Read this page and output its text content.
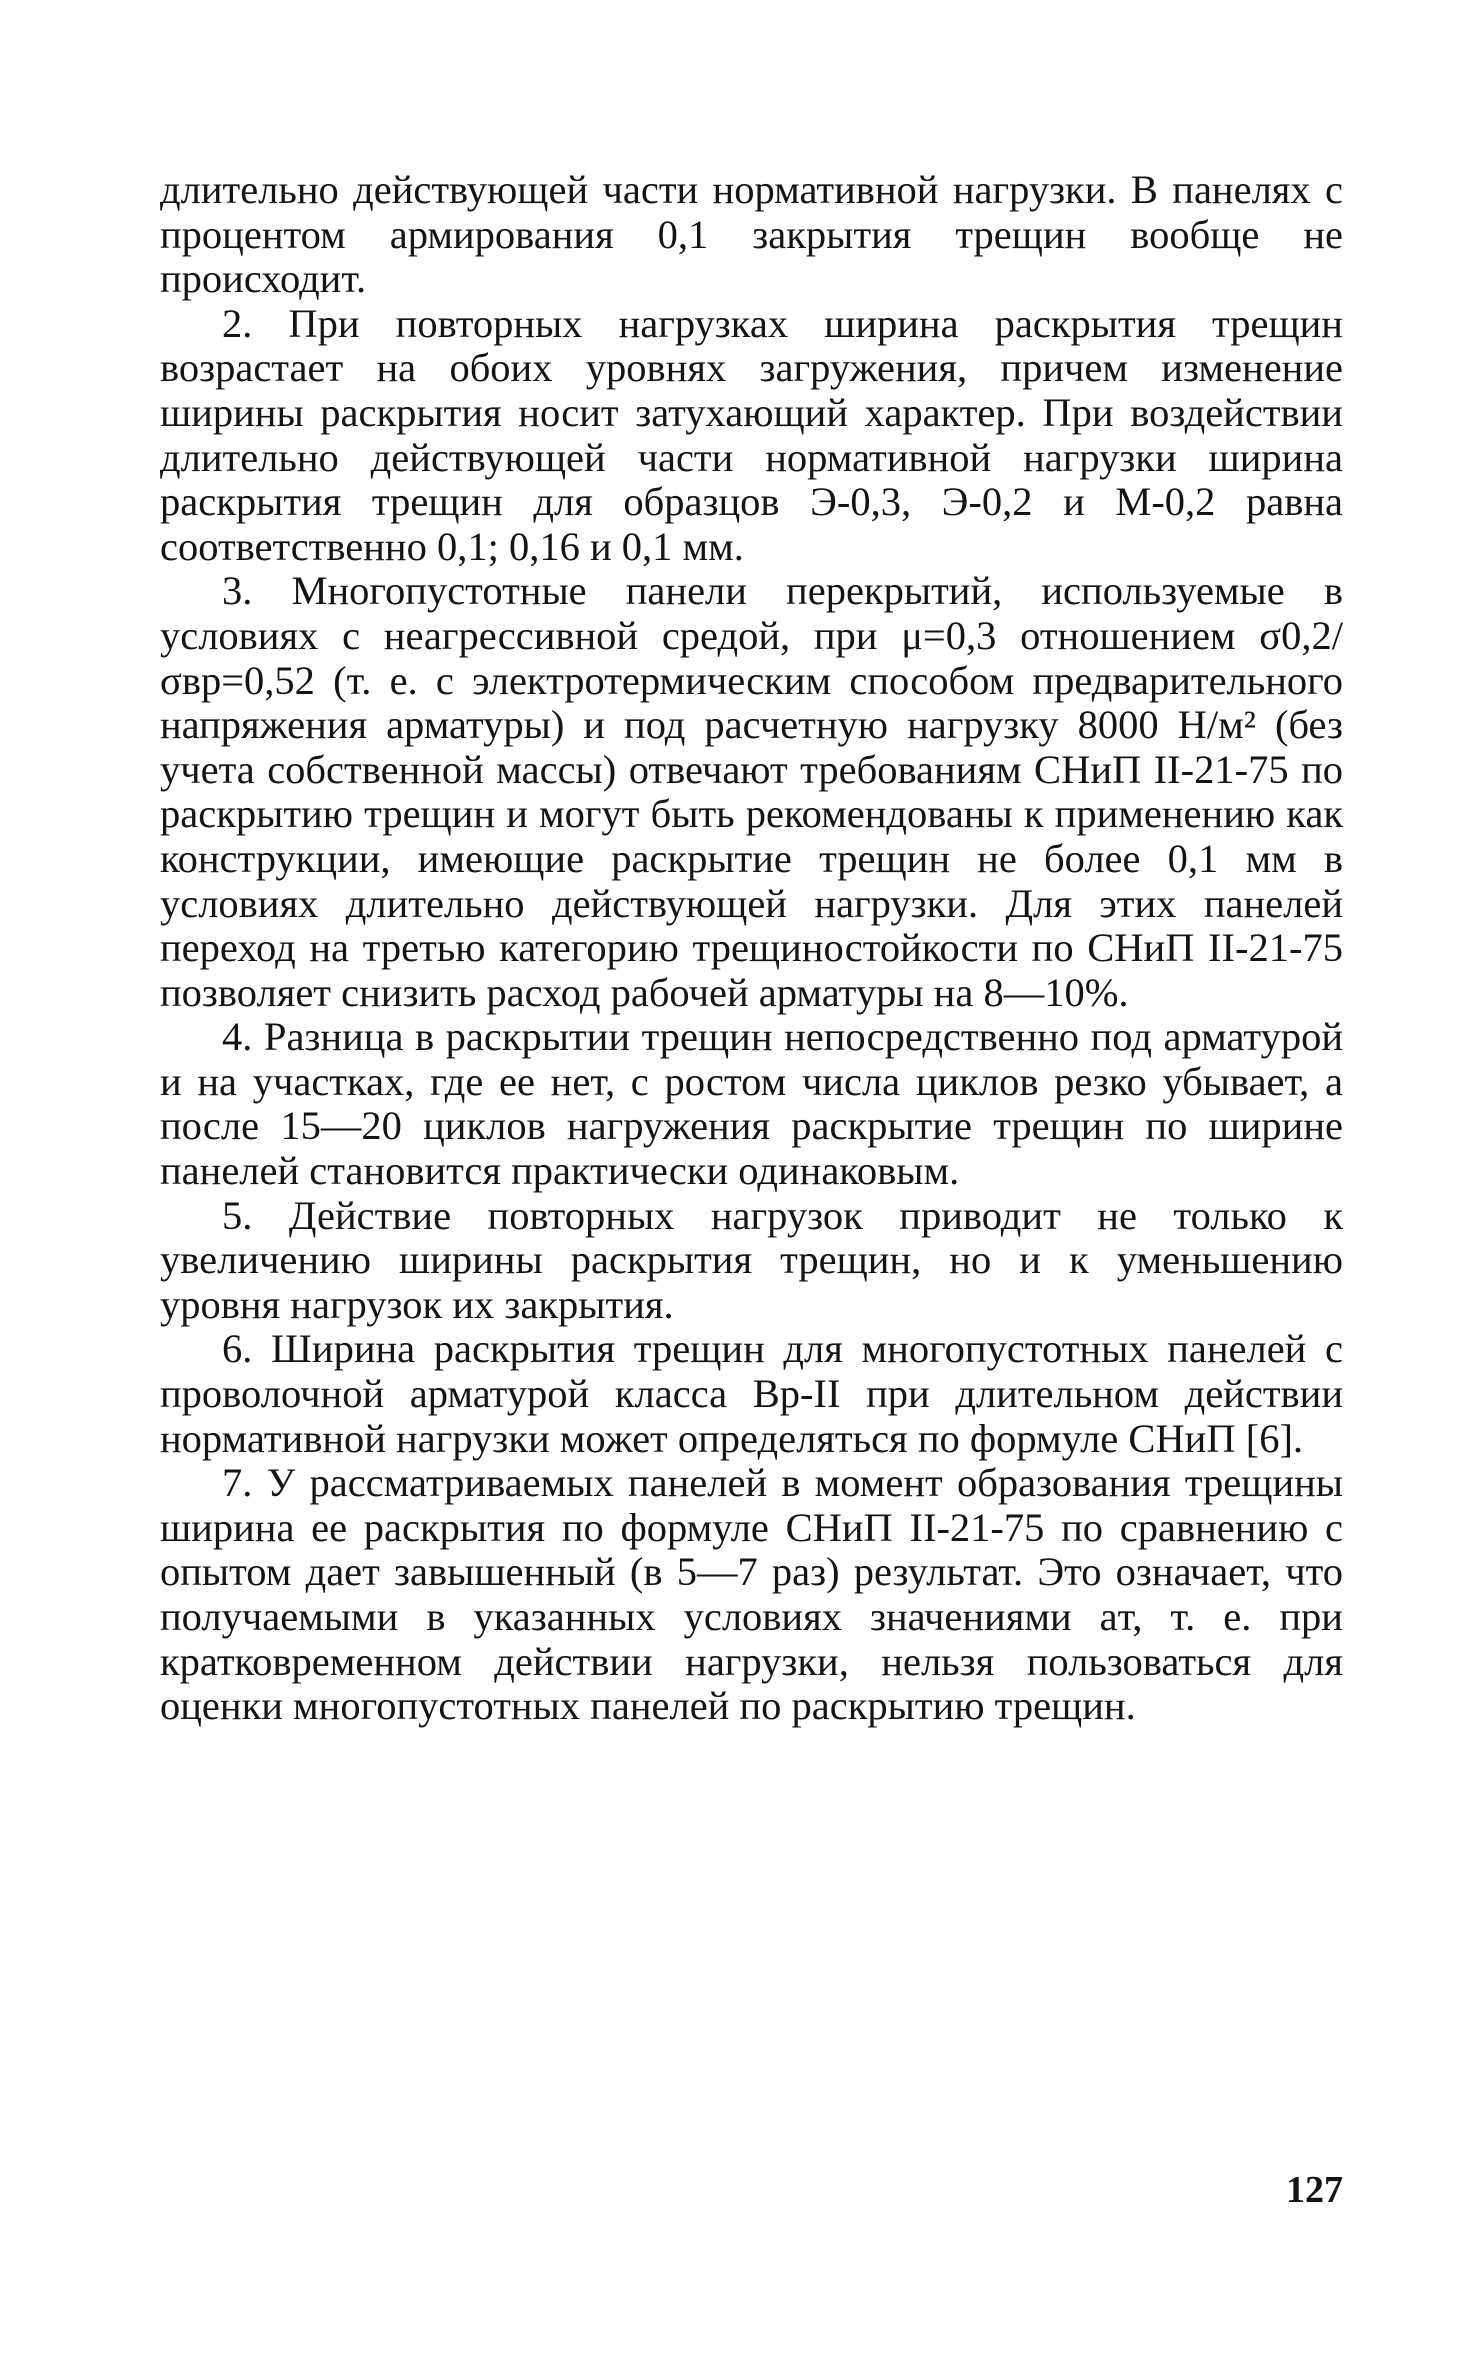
длительно действующей части нормативной нагрузки. В панелях с процентом армирования 0,1 закрытия трещин вообще не происходит.

2. При повторных нагрузках ширина раскрытия трещин возрастает на обоих уровнях загружения, причем изменение ширины раскрытия носит затухающий характер. При воздействии длительно действующей части нормативной нагрузки ширина раскрытия трещин для образцов Э-0,3, Э-0,2 и М-0,2 равна соответственно 0,1; 0,16 и 0,1 мм.

3. Многопустотные панели перекрытий, используемые в условиях с неагрессивной средой, при μ=0,3 отношением σ0,2/σвр=0,52 (т. е. с электротермическим способом предварительного напряжения арматуры) и под расчетную нагрузку 8000 Н/м² (без учета собственной массы) отвечают требованиям СНиП II-21-75 по раскрытию трещин и могут быть рекомендованы к применению как конструкции, имеющие раскрытие трещин не более 0,1 мм в условиях длительно действующей нагрузки. Для этих панелей переход на третью категорию трещиностойкости по СНиП II-21-75 позволяет снизить расход рабочей арматуры на 8—10%.

4. Разница в раскрытии трещин непосредственно под арматурой и на участках, где ее нет, с ростом числа циклов резко убывает, а после 15—20 циклов нагружения раскрытие трещин по ширине панелей становится практически одинаковым.

5. Действие повторных нагрузок приводит не только к увеличению ширины раскрытия трещин, но и к уменьшению уровня нагрузок их закрытия.

6. Ширина раскрытия трещин для многопустотных панелей с проволочной арматурой класса Вр-II при длительном действии нормативной нагрузки может определяться по формуле СНиП [6].

7. У рассматриваемых панелей в момент образования трещины ширина ее раскрытия по формуле СНиП II-21-75 по сравнению с опытом дает завышенный (в 5—7 раз) результат. Это означает, что получаемыми в указанных условиях значениями aт, т. е. при кратковременном действии нагрузки, нельзя пользоваться для оценки многопустотных панелей по раскрытию трещин.

127
